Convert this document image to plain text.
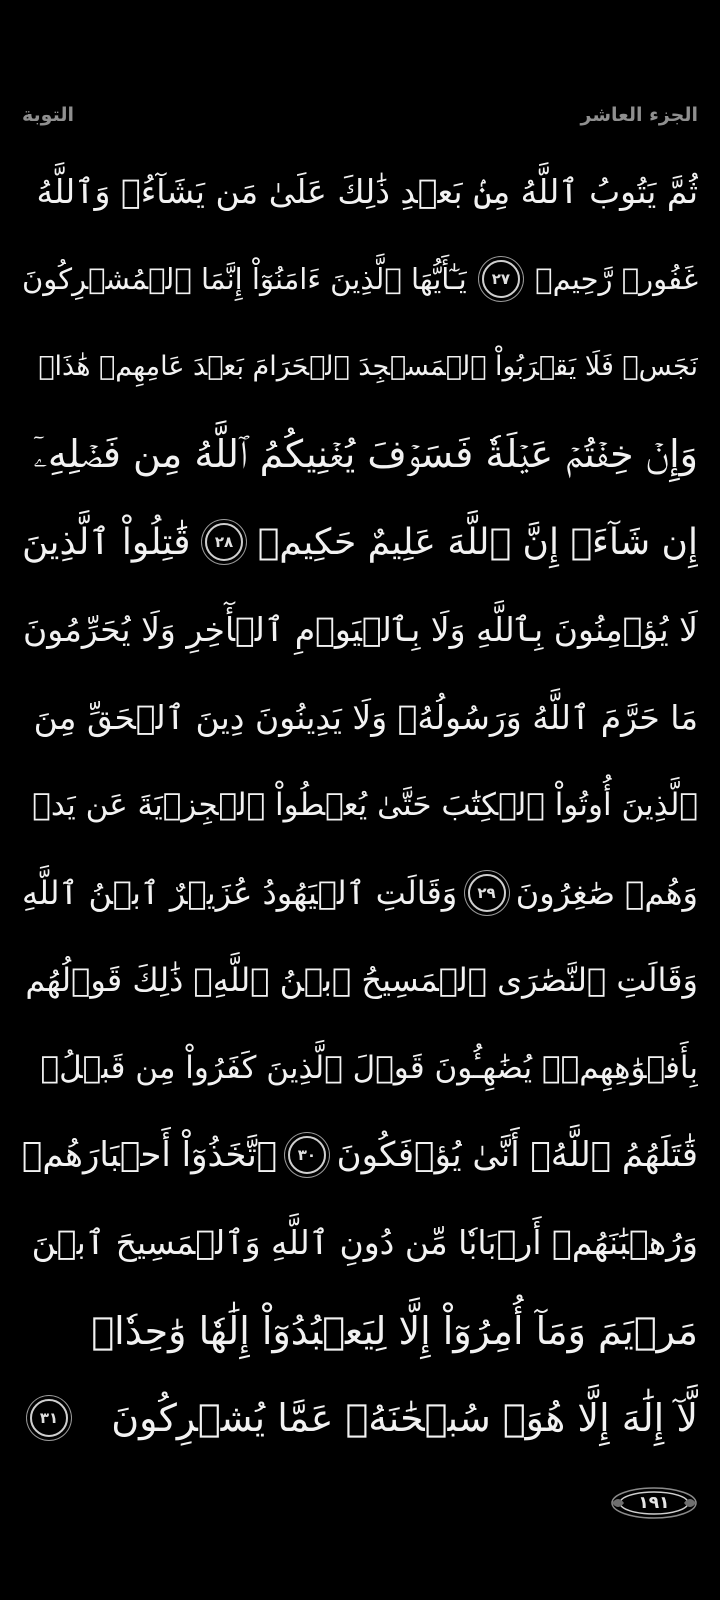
الجزء العاشر
التوبة
ثُمَّ يَتُوبُ ٱللَّهُ مِنۢ بَعۡدِ ذَٰلِكَ عَلَىٰ مَن يَشَآءُۗ وَٱللَّهُ
غَفُورٞ رَّحِيمٞ
٢٧
يَـٰٓأَيُّهَا ٱلَّذِينَ ءَامَنُوٓاْ إِنَّمَا ٱلۡمُشۡرِكُونَ
نَجَسٞ فَلَا يَقۡرَبُواْ ٱلۡمَسۡجِدَ ٱلۡحَرَامَ بَعۡدَ عَامِهِمۡ هَٰذَاۚ
وَإِنۡ خِفۡتُمۡ عَيۡلَةٗ فَسَوۡفَ يُغۡنِيكُمُ ٱللَّهُ مِن فَضۡلِهِۦٓ
إِن شَآءَۚ إِنَّ ٱللَّهَ عَلِيمٌ حَكِيمٞ
٢٨
قَٰتِلُواْ ٱلَّذِينَ
لَا يُؤۡمِنُونَ بِٱللَّهِ وَلَا بِٱلۡيَوۡمِ ٱلۡأٓخِرِ وَلَا يُحَرِّمُونَ
مَا حَرَّمَ ٱللَّهُ وَرَسُولُهُۥ وَلَا يَدِينُونَ دِينَ ٱلۡحَقِّ مِنَ
ٱلَّذِينَ أُوتُواْ ٱلۡكِتَٰبَ حَتَّىٰ يُعۡطُواْ ٱلۡجِزۡيَةَ عَن يَدٖ
وَهُمۡ صَٰغِرُونَ
٢٩
وَقَالَتِ ٱلۡيَهُودُ عُزَيۡرٌ ٱبۡنُ ٱللَّهِ
وَقَالَتِ ٱلنَّصَٰرَى ٱلۡمَسِيحُ ٱبۡنُ ٱللَّهِۖ ذَٰلِكَ قَوۡلُهُم
بِأَفۡوَٰهِهِمۡۖ يُضَٰهِـُٔونَ قَوۡلَ ٱلَّذِينَ كَفَرُواْ مِن قَبۡلُۚ
قَٰتَلَهُمُ ٱللَّهُۖ أَنَّىٰ يُؤۡفَكُونَ
٣٠
ٱتَّخَذُوٓاْ أَحۡبَارَهُمۡ
وَرُهۡبَٰنَهُمۡ أَرۡبَابٗا مِّن دُونِ ٱللَّهِ وَٱلۡمَسِيحَ ٱبۡنَ
مَرۡيَمَ وَمَآ أُمِرُوٓاْ إِلَّا لِيَعۡبُدُوٓاْ إِلَٰهٗا وَٰحِدٗاۖ
لَّآ إِلَٰهَ إِلَّا هُوَۚ سُبۡحَٰنَهُۥ عَمَّا يُشۡرِكُونَ
٣١
١٩١
